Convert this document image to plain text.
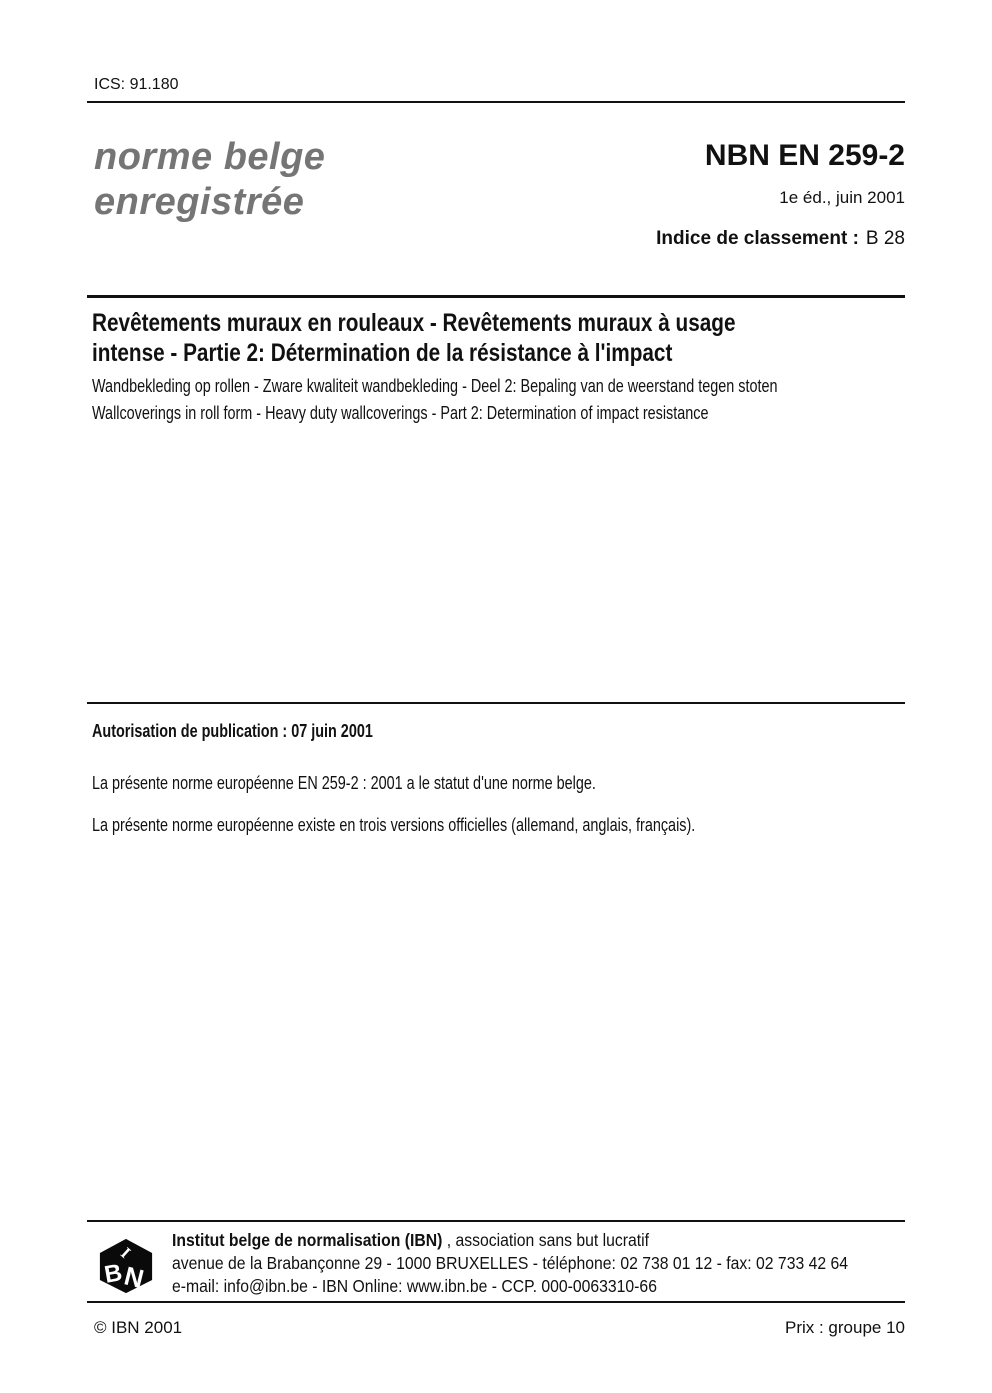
ICS: 91.180
norme belge
enregistrée
NBN EN 259-2
1e éd., juin 2001
Indice de classement : B 28
Revêtements muraux en rouleaux - Revêtements muraux à usage
intense - Partie 2: Détermination de la résistance à l'impact
Wandbekleding op rollen - Zware kwaliteit wandbekleding - Deel 2: Bepaling van de weerstand tegen stoten
Wallcoverings in roll form - Heavy duty wallcoverings - Part 2: Determination of impact resistance
Autorisation de publication : 07 juin 2001
La présente norme européenne EN 259-2 : 2001 a le statut d'une norme belge.
La présente norme européenne existe en trois versions officielles (allemand, anglais, français).
I
B
N
Institut belge de normalisation (IBN) , association sans but lucratif
avenue de la Brabançonne 29 - 1000 BRUXELLES - téléphone: 02 738 01 12 - fax: 02 733 42 64
e-mail: info@ibn.be - IBN Online: www.ibn.be - CCP. 000-0063310-66
© IBN 2001	Prix : groupe 10
